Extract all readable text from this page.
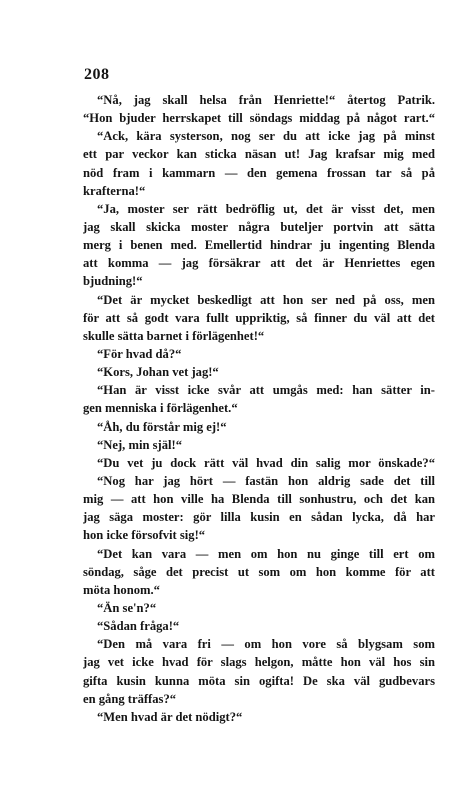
208
“Nå, jag skall helsa från Henriette!“ återtog Patrik.
“Hon bjuder herrskapet till söndags middag på något rart.“
“Ack, kära systerson, nog ser du att icke jag på minst
ett par veckor kan sticka näsan ut! Jag krafsar mig med
nöd fram i kammarn — den gemena frossan tar så på
krafterna!“
“Ja, moster ser rätt bedröflig ut, det är visst det, men
jag skall skicka moster några butelјer portvin att sätta
merg i benen med. Emellertid hindrar ju ingenting Blenda
att komma — jag försäkrar att det är Henriettes egen
bjudning!“
“Det är mycket beskedligt att hon ser ned på oss, men
för att så godt vara fullt uppriktig, så finner du väl att det
skulle sätta barnet i förlägenhet!“
“För hvad då?“
“Kors, Johan vet jag!“
“Han är visst icke svår att umgås med: han sätter in-
gen menniska i förlägenhet.“
“Åh, du förstår mig ej!“
“Nej, min själ!“
“Du vet ju dock rätt väl hvad din salig mor önskade?“
“Nog har jag hört — fastän hon aldrig sade det till
mig — att hon ville ha Blenda till sonhustru, och det kan
jag säga moster: gör lilla kusin en sådan lycka, då har
hon icke försofvit sig!“
“Det kan vara — men om hon nu ginge till ert om
söndag, såge det precist ut som om hon komme för att
möta honom.“
“Än se'n?“
“Sådan fråga!“
“Den må vara fri — om hon vore så blygsam som
jag vet icke hvad för slags helgon, måtte hon väl hos sin
gifta kusin kunna möta sin ogifta! De ska väl gudbevars
en gång träffas?“
“Men hvad är det nödigt?“
